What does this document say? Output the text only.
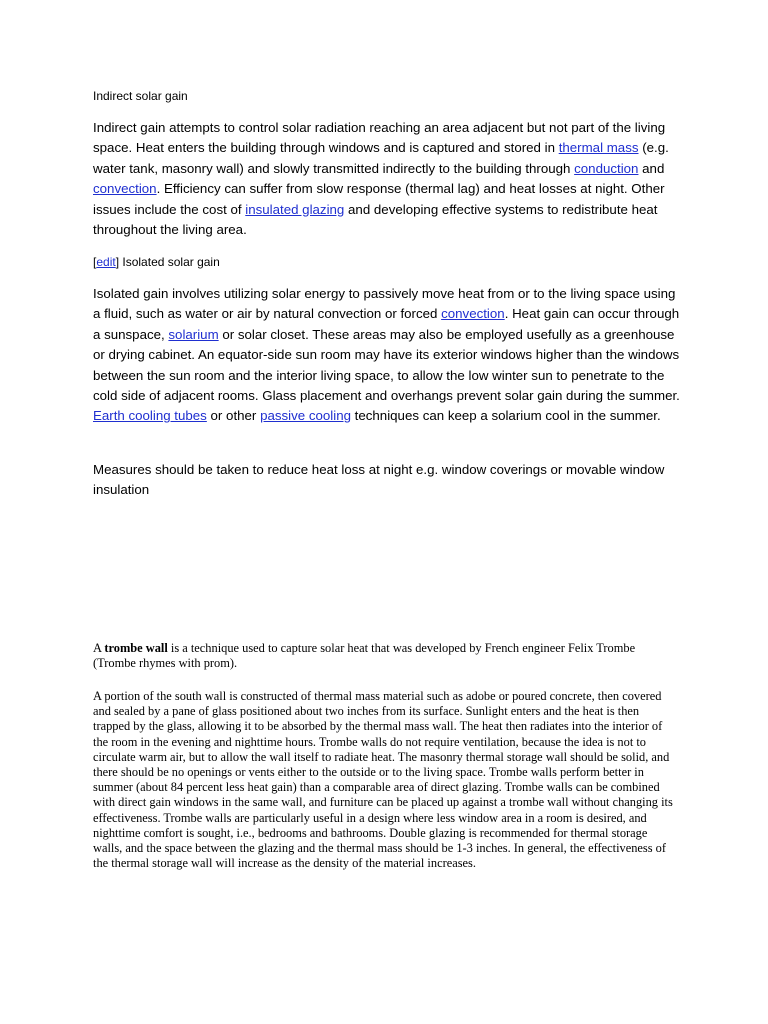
Indirect solar gain

Indirect gain attempts to control solar radiation reaching an area adjacent but not part of the living space. Heat enters the building through windows and is captured and stored in thermal mass (e.g. water tank, masonry wall) and slowly transmitted indirectly to the building through conduction and convection. Efficiency can suffer from slow response (thermal lag) and heat losses at night. Other issues include the cost of insulated glazing and developing effective systems to redistribute heat throughout the living area.

[edit] Isolated solar gain

Isolated gain involves utilizing solar energy to passively move heat from or to the living space using a fluid, such as water or air by natural convection or forced convection. Heat gain can occur through a sunspace, solarium or solar closet. These areas may also be employed usefully as a greenhouse or drying cabinet. An equator-side sun room may have its exterior windows higher than the windows between the sun room and the interior living space, to allow the low winter sun to penetrate to the cold side of adjacent rooms. Glass placement and overhangs prevent solar gain during the summer. Earth cooling tubes or other passive cooling techniques can keep a solarium cool in the summer.

Measures should be taken to reduce heat loss at night e.g. window coverings or movable window insulation

A trombe wall is a technique used to capture solar heat that was developed by French engineer Felix Trombe (Trombe rhymes with prom).

A portion of the south wall is constructed of thermal mass material such as adobe or poured concrete, then covered and sealed by a pane of glass positioned about two inches from its surface. Sunlight enters and the heat is then trapped by the glass, allowing it to be absorbed by the thermal mass wall. The heat then radiates into the interior of the room in the evening and nighttime hours. Trombe walls do not require ventilation, because the idea is not to circulate warm air, but to allow the wall itself to radiate heat. The masonry thermal storage wall should be solid, and there should be no openings or vents either to the outside or to the living space. Trombe walls perform better in summer (about 84 percent less heat gain) than a comparable area of direct glazing. Trombe walls can be combined with direct gain windows in the same wall, and furniture can be placed up against a trombe wall without changing its effectiveness. Trombe walls are particularly useful in a design where less window area in a room is desired, and nighttime comfort is sought, i.e., bedrooms and bathrooms. Double glazing is recommended for thermal storage walls, and the space between the glazing and the thermal mass should be 1-3 inches. In general, the effectiveness of the thermal storage wall will increase as the density of the material increases.
